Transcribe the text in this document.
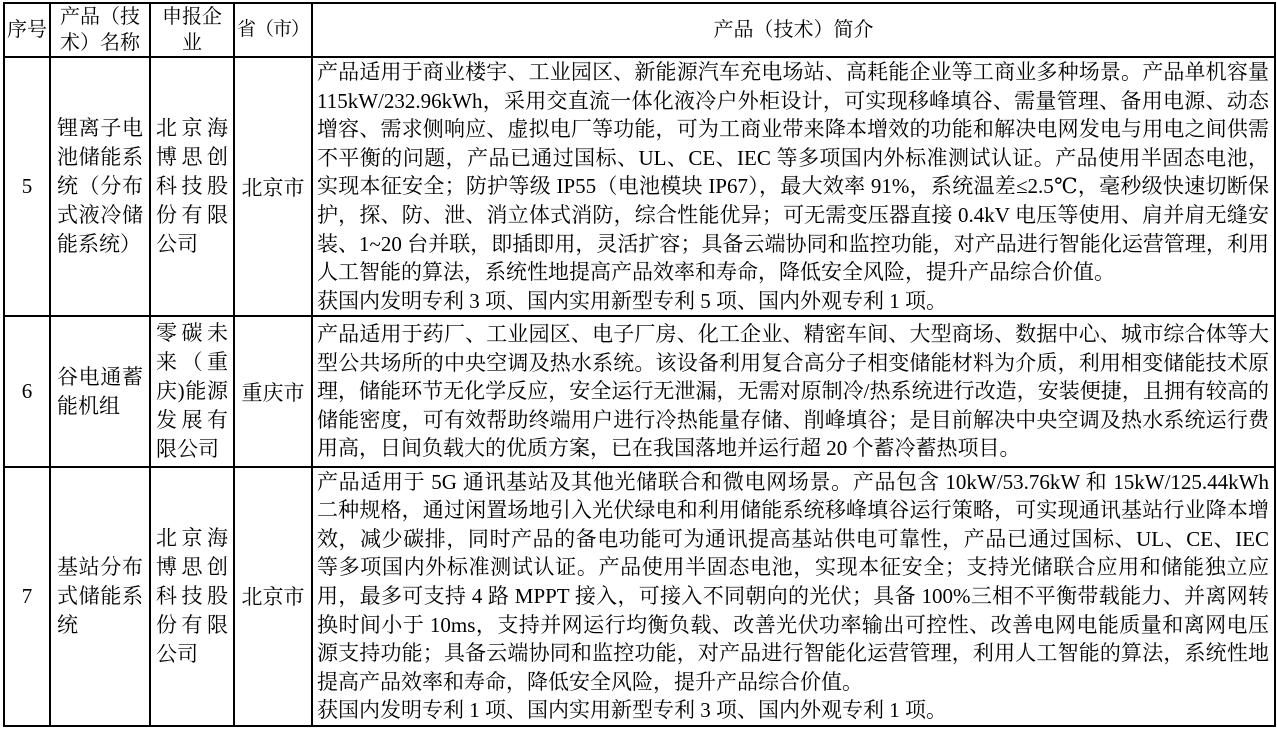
序号	产品（技术）名称	申报企业	省（市）	产品（技术）简介
5	锂离子电池储能系统（分布式液冷储能系统）	北京海博思创科技股份有限公司	北京市	产品适用于商业楼宇、工业园区、新能源汽车充电场站、高耗能企业等工商业多种场景。产品单机容量115kW/232.96kWh，采用交直流一体化液冷户外柜设计，可实现移峰填谷、需量管理、备用电源、动态增容、需求侧响应、虚拟电厂等功能，可为工商业带来降本增效的功能和解决电网发电与用电之间供需不平衡的问题，产品已通过国标、UL、CE、IEC 等多项国内外标准测试认证。产品使用半固态电池，实现本征安全；防护等级 IP55（电池模块 IP67），最大效率 91%，系统温差≤2.5℃，毫秒级快速切断保护，探、防、泄、消立体式消防，综合性能优异；可无需变压器直接 0.4kV 电压等使用、肩并肩无缝安装、1~20 台并联，即插即用，灵活扩容；具备云端协同和监控功能，对产品进行智能化运营管理，利用人工智能的算法，系统性地提高产品效率和寿命，降低安全风险，提升产品综合价值。
获国内发明专利 3 项、国内实用新型专利 5 项、国内外观专利 1 项。

6	谷电通蓄能机组	零碳未来（重庆)能源发展有限公司	重庆市	产品适用于药厂、工业园区、电子厂房、化工企业、精密车间、大型商场、数据中心、城市综合体等大型公共场所的中央空调及热水系统。该设备利用复合高分子相变储能材料为介质，利用相变储能技术原理，储能环节无化学反应，安全运行无泄漏，无需对原制冷/热系统进行改造，安装便捷，且拥有较高的储能密度，可有效帮助终端用户进行冷热能量存储、削峰填谷；是目前解决中央空调及热水系统运行费用高，日间负载大的优质方案，已在我国落地并运行超 20 个蓄冷蓄热项目。

7	基站分布式储能系统	北京海博思创科技股份有限公司	北京市	产品适用于 5G 通讯基站及其他光储联合和微电网场景。产品包含 10kW/53.76kW 和 15kW/125.44kWh 二种规格，通过闲置场地引入光伏绿电和利用储能系统移峰填谷运行策略，可实现通讯基站行业降本增效，减少碳排，同时产品的备电功能可为通讯提高基站供电可靠性，产品已通过国标、UL、CE、IEC 等多项国内外标准测试认证。产品使用半固态电池，实现本征安全；支持光储联合应用和储能独立应用，最多可支持 4 路 MPPT 接入，可接入不同朝向的光伏；具备 100%三相不平衡带载能力、并离网转换时间小于 10ms，支持并网运行均衡负载、改善光伏功率输出可控性、改善电网电能质量和离网电压源支持功能；具备云端协同和监控功能，对产品进行智能化运营管理，利用人工智能的算法，系统性地提高产品效率和寿命，降低安全风险，提升产品综合价值。
获国内发明专利 1 项、国内实用新型专利 3 项、国内外观专利 1 项。
